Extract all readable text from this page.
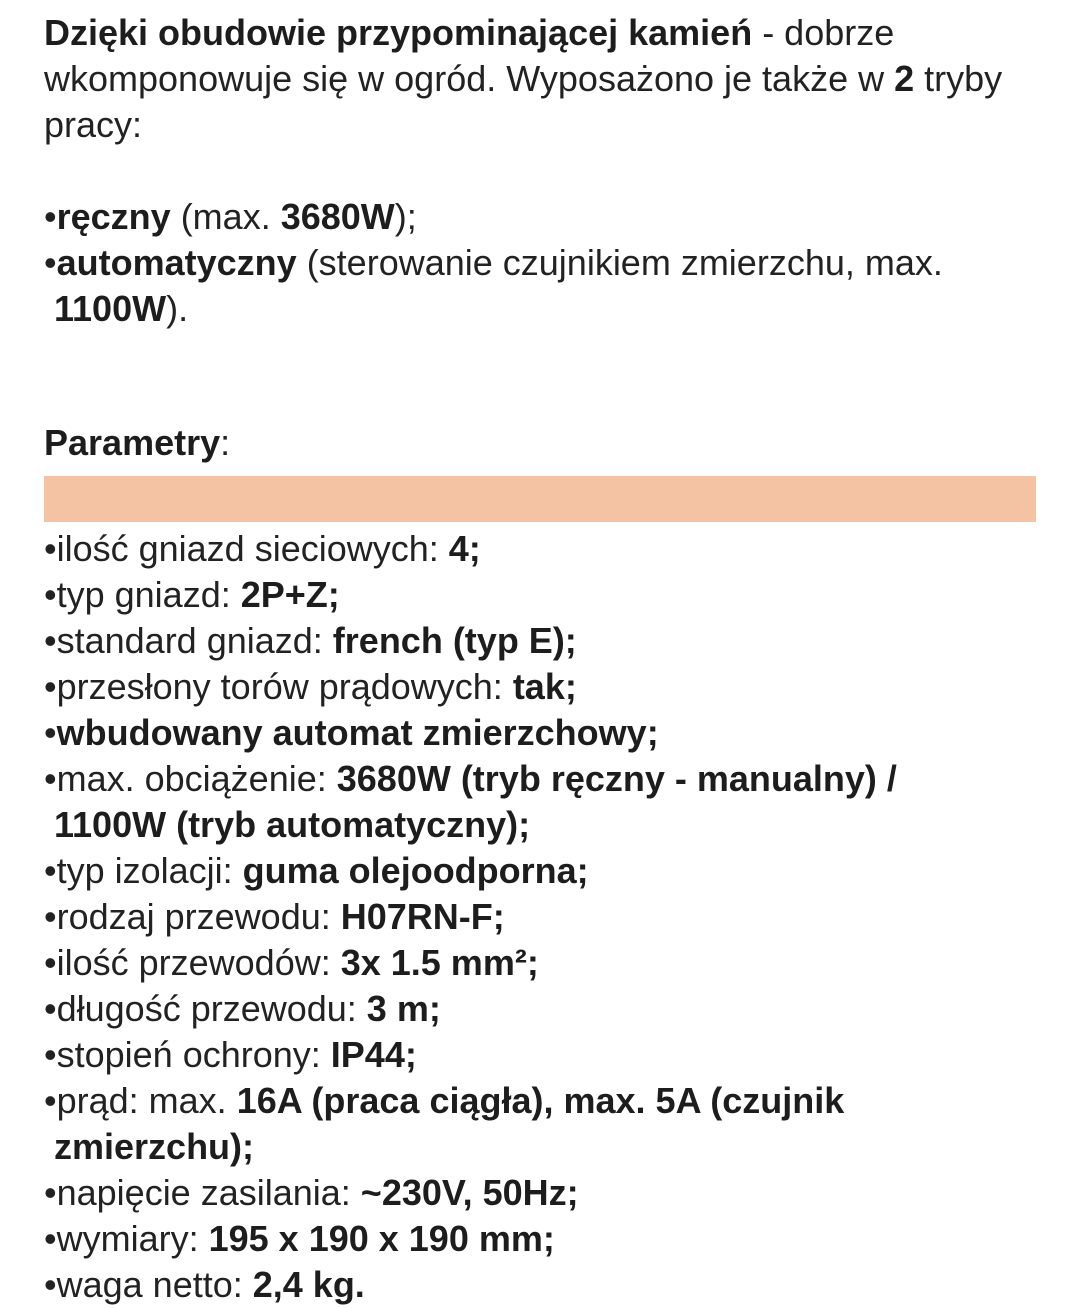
Dzięki obudowie przypominającej kamień - dobrze wkomponowuje się w ogród. Wyposażono je także w 2 tryby pracy:

•ręczny (max. 3680W);

•automatyczny (sterowanie czujnikiem zmierzchu, max.

1100W).

Parametry:

•ilość gniazd sieciowych: 4;

•typ gniazd: 2P+Z;

•standard gniazd: french (typ E);

•przesłony torów prądowych: tak;

•wbudowany automat zmierzchowy;

•max. obciążenie: 3680W (tryb ręczny - manualny) /

1100W (tryb automatyczny);

•typ izolacji: guma olejoodporna;

•rodzaj przewodu: H07RN-F;

•ilość przewodów: 3x 1.5 mm²;

•długość przewodu: 3 m;

•stopień ochrony: IP44;

•prąd: max. 16A (praca ciągła), max. 5A (czujnik

zmierzchu);

•napięcie zasilania: ~230V, 50Hz;

•wymiary: 195 x 190 x 190 mm;

•waga netto: 2,4 kg.
